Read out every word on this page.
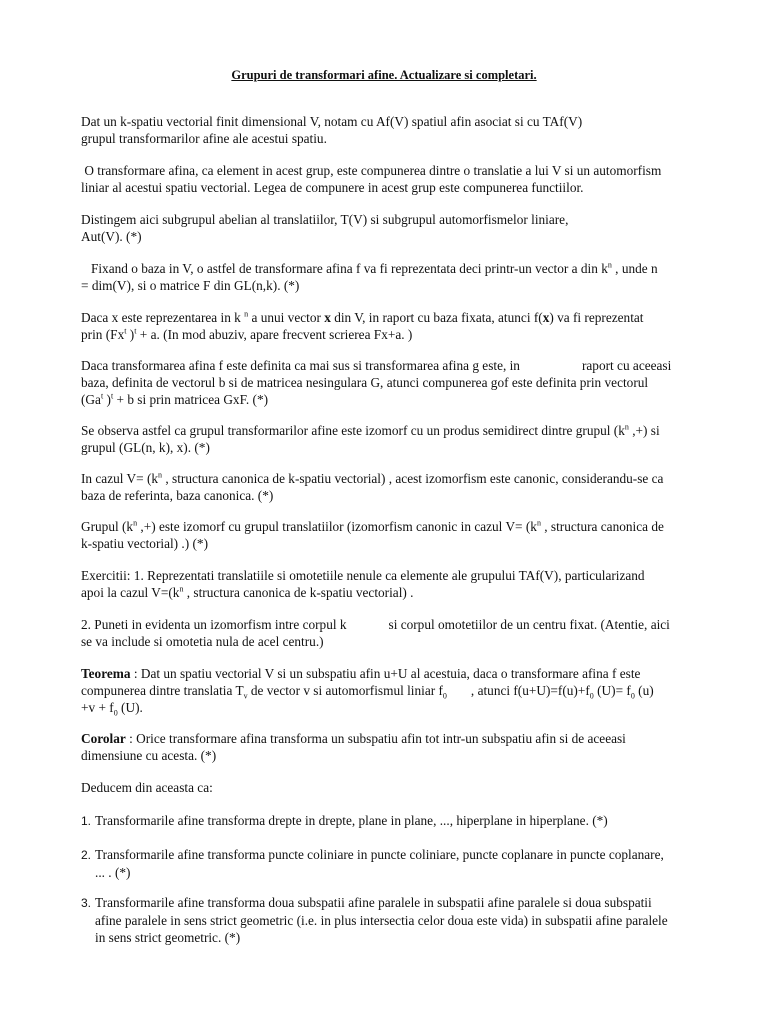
Grupuri de transformari afine. Actualizare si completari.
Dat un k-spatiu vectorial finit dimensional V, notam cu Af(V) spatiul afin asociat si cu TAf(V)
grupul transformarilor afine ale acestui spatiu.
O transformare afina, ca element in acest grup, este compunerea dintre o translatie a lui V si un automorfism
liniar al acestui spatiu vectorial. Legea de compunere in acest grup este compunerea functiilor.
Distingem aici subgrupul abelian al translatiilor, T(V) si subgrupul automorfismelor liniare,
Aut(V). (*)
Fixand o baza in V, o astfel de transformare afina f va fi reprezentata deci printr-un vector a din $k^n$ , unde n
= dim(V), si o matrice F din GL(n,k). (*)
Daca x este reprezentarea in k $^n$ a unui vector x din V, in raport cu baza fixata, atunci f(x) va fi reprezentat
prin (Fx$^t$ )$^t$ + a. (In mod abuziv, apare frecvent scrierea Fx+a. )
Daca transformarea afina f este definita ca mai sus si transformarea afina g este, in	raport cu aceeasi
baza, definita de vectorul b si de matricea nesingulara G, atunci compunerea gof este definita prin vectorul
(Ga$^t$ )$^t$ + b si prin matricea GxF. (*)
Se observa astfel ca grupul transformarilor afine este izomorf cu un produs semidirect dintre grupul ($k^n$ ,+) si
grupul (GL(n, k), x). (*)
In cazul $V= (k^n$ , structura canonica de k-spatiu vectorial) , acest izomorfism este canonic, considerandu-se ca
baza de referinta, baza canonica. (*)
Grupul ($k^n$ ,+) este izomorf cu grupul translatiilor (izomorfism canonic in cazul $V= (k^n$ , structura canonica de
k-spatiu vectorial) .) (*)
Exercitii: 1. Reprezentati translatiile si omotetiile nenule ca elemente ale grupului TAf(V), particularizand
apoi la cazul $V=(k^n$ , structura canonica de k-spatiu vectorial) .
2. Puneti in evidenta un izomorfism intre corpul k	si corpul omotetiilor de un centru fixat. (Atentie, aici
se va include si omotetia nula de acel centru.)
Teorema : Dat un spatiu vectorial V si un subspatiu afin u+U al acestuia, daca o transformare afina f este
compunerea dintre translatia $T_v$ de vector v si automorfismul liniar $f_0$ , atunci $f(u+U)=f(u)+f_0$ $(U)= f_0$ (u)
$+v + f_0$ (U).
Corolar : Orice transformare afina transforma un subspatiu afin tot intr-un subspatiu afin si de aceeasi
dimensiune cu acesta. (*)
Deducem din aceasta ca:
1. Transformarile afine transforma drepte in drepte, plane in plane, ..., hiperplane in hiperplane. (*)
2. Transformarile afine transforma puncte coliniare in puncte coliniare, puncte coplanare in puncte coplanare,
... . (*)
3. Transformarile afine transforma doua subspatii afine paralele in subspatii afine paralele si doua subspatii
afine paralele in sens strict geometric (i.e. in plus intersectia celor doua este vida) in subspatii afine paralele
in sens strict geometric. (*)
